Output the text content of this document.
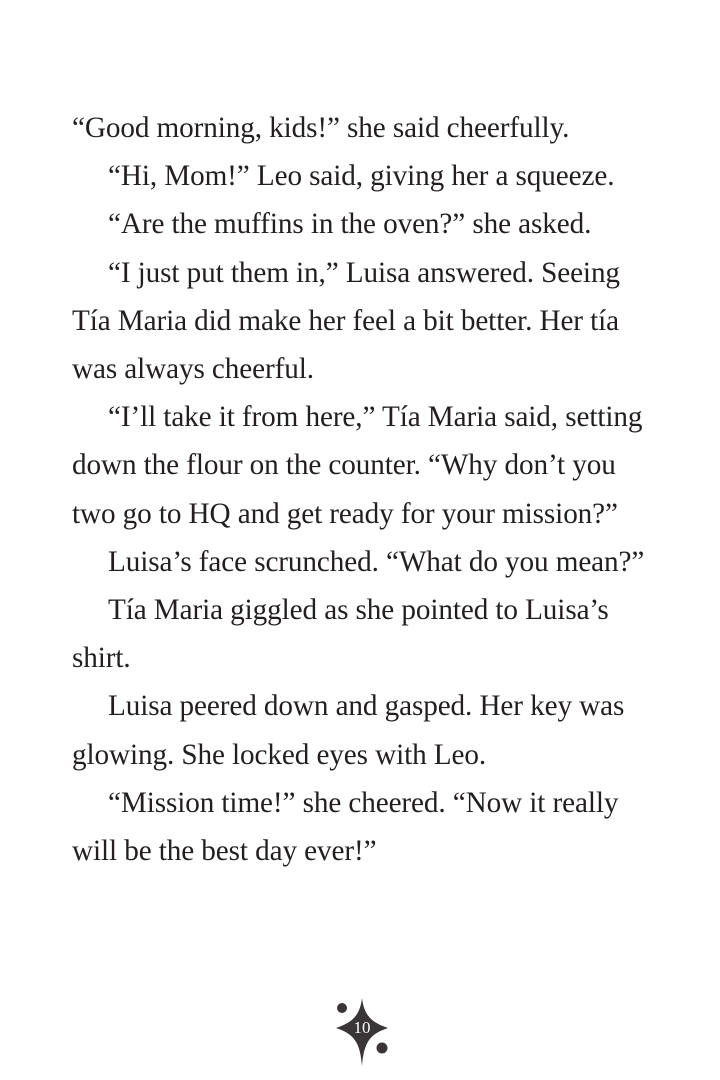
“Good morning, kids!” she said cheerfully.

“Hi, Mom!” Leo said, giving her a squeeze.

“Are the muffins in the oven?” she asked.

“I just put them in,” Luisa answered. Seeing Tía Maria did make her feel a bit better. Her tía was always cheerful.

“I’ll take it from here,” Tía Maria said, setting down the flour on the counter. “Why don’t you two go to HQ and get ready for your mission?”

Luisa’s face scrunched. “What do you mean?”

Tía Maria giggled as she pointed to Luisa’s shirt.

Luisa peered down and gasped. Her key was glowing. She locked eyes with Leo.

“Mission time!” she cheered. “Now it really will be the best day ever!”

10
